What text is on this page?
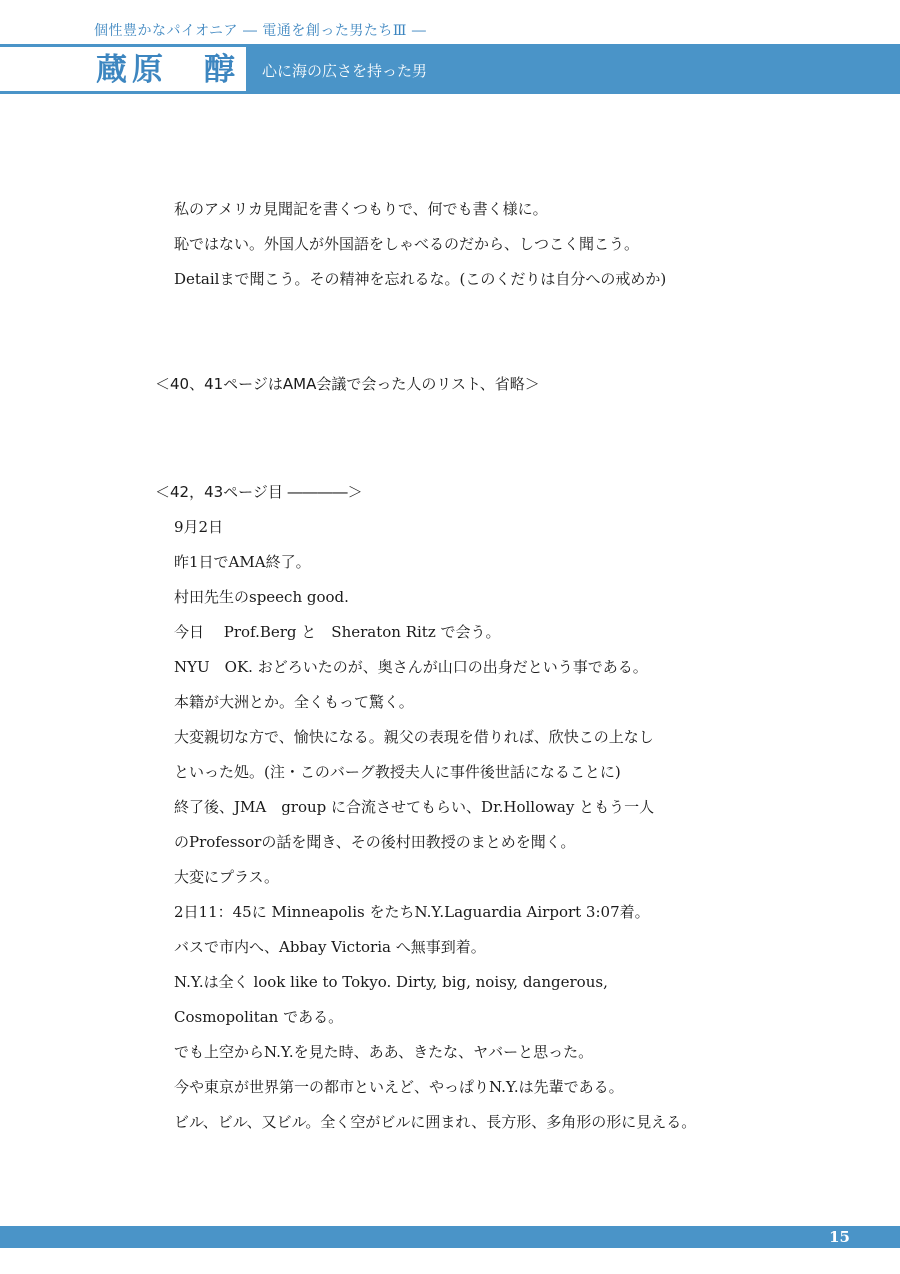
個性豊かなパイオニア ― 電通を創った男たちⅢ ―
蔵原　醇 心に海の広さを持った男
私のアメリカ見聞記を書くつもりで、何でも書く様に。
恥ではない。外国人が外国語をしゃべるのだから、しつこく聞こう。
Detailまで聞こう。その精神を忘れるな。(このくだりは自分への戒めか)
＜40、41ページはAMA会議で会った人のリスト、省略＞
＜42，43ページ目 ――――＞
9月2日
昨1日でAMA終了。
村田先生のspeech good.
今日　 Prof.Berg と　Sheraton Ritz で会う。
NYU　OK. おどろいたのが、奥さんが山口の出身だという事である。
本籍が大洲とか。全くもって驚く。
大変親切な方で、愉快になる。親父の表現を借りれば、欣快この上なし
といった処。(注・このバーグ教授夫人に事件後世話になることに)
終了後、JMA　group に合流させてもらい、Dr.Holloway ともう一人
のProfessorの話を聞き、その後村田教授のまとめを聞く。
大変にプラス。
2日11：45に Minneapolis をたちN.Y.Laguardia Airport 3:07着。
バスで市内へ、Abbay Victoria へ無事到着。
N.Y.は全く look like to Tokyo. Dirty, big, noisy, dangerous,
Cosmopolitan である。
でも上空からN.Y.を見た時、ああ、きたな、ヤバーと思った。
今や東京が世界第一の都市といえど、やっぱりN.Y.は先輩である。
ビル、ビル、又ビル。全く空がビルに囲まれ、長方形、多角形の形に見える。
15
